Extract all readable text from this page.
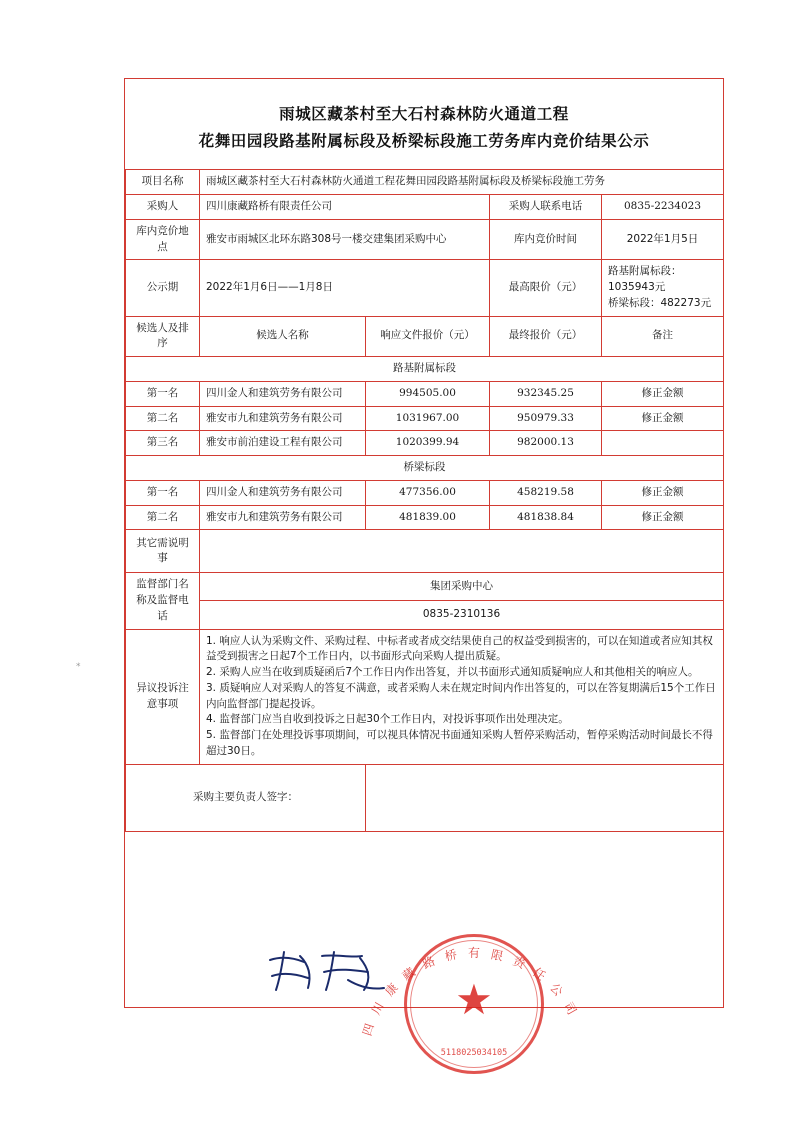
*
雨城区藏茶村至大石村森林防火通道工程
花舞田园段路基附属标段及桥梁标段施工劳务库内竞价结果公示
项目名称	雨城区藏茶村至大石村森林防火通道工程花舞田园段路基附属标段及桥梁标段施工劳务			
采购人	四川康藏路桥有限责任公司		采购人联系电话	0835-2234023
库内竞价地点	雅安市雨城区北环东路308号一楼交建集团采购中心		库内竞价时间	2022年1月5日
公示期	2022年1月6日——1月8日		最高限价（元）	路基附属标段：1035943元
桥梁标段：482273元

候选人及排序	候选人名称	响应文件报价（元）	最终报价（元）	备注
路基附属标段				
第一名	四川金人和建筑劳务有限公司	994505.00	932345.25	修正金额
第二名	雅安市九和建筑劳务有限公司	1031967.00	950979.33	修正金额
第三名	雅安市前泊建设工程有限公司	1020399.94	982000.13	
桥梁标段				
第一名	四川金人和建筑劳务有限公司	477356.00	458219.58	修正金额
第二名	雅安市九和建筑劳务有限公司	481839.00	481838.84	修正金额
其它需说明事				
监督部门名称及监督电话	集团采购中心			
	0835-2310136			
异议投诉注意事项	1. 响应人认为采购文件、采购过程、中标者或者成交结果使自己的权益受到损害的，可以在知道或者应知其权益受到损害之日起7个工作日内，以书面形式向采购人提出质疑。

2. 采购人应当在收到质疑函后7个工作日内作出答复，并以书面形式通知质疑响应人和其他相关的响应人。

3. 质疑响应人对采购人的答复不满意，或者采购人未在规定时间内作出答复的，可以在答复期满后15个工作日内向监督部门提起投诉。

4. 监督部门应当自收到投诉之日起30个工作日内，对投诉事项作出处理决定。

5. 监督部门在处理投诉事项期间，可以视具体情况书面通知采购人暂停采购活动，暂停采购活动时间最长不得超过30日。			

采购主要负责人签字：				
★
四
川
康
藏
路 桥 有 限 责
任
公
司
5118025034105
